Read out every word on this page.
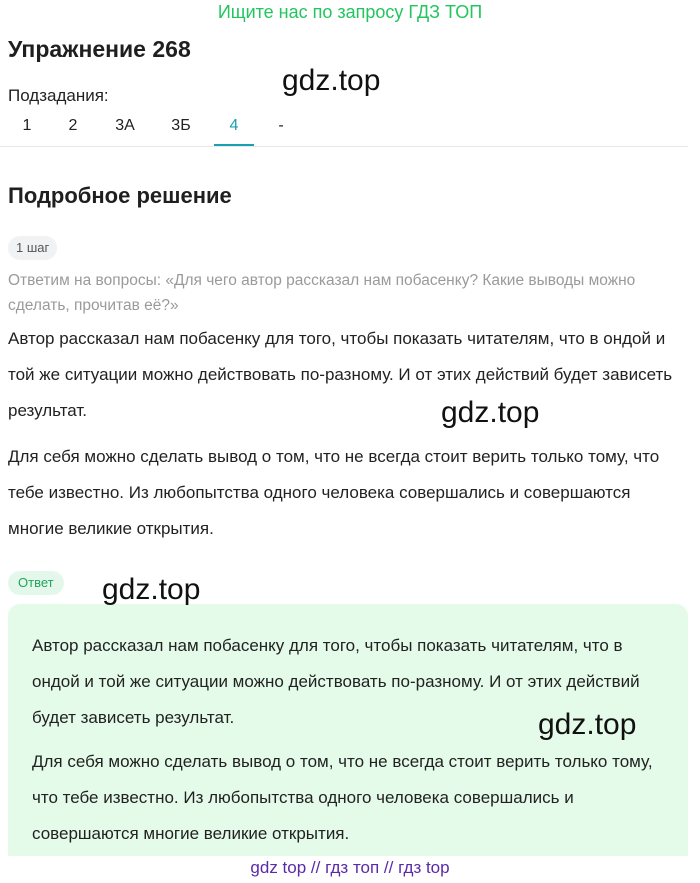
Ищите нас по запросу ГДЗ ТОП
Упражнение 268
Подзадания:
1	2	3А	3Б	4	-
Подробное решение
1 шаг
Ответим на вопросы: «Для чего автор рассказал нам побасенку? Какие выводы можно сделать, прочитав её?»
Автор рассказал нам побасенку для того, чтобы показать читателям, что в ондой и той же ситуации можно действовать по-разному. И от этих действий будет зависеть результат.
Для себя можно сделать вывод о том, что не всегда стоит верить только тому, что тебе известно. Из любопытства одного человека совершались и совершаются многие великие открытия.
Ответ
Автор рассказал нам побасенку для того, чтобы показать читателям, что в ондой и той же ситуации можно действовать по-разному. И от этих действий будет зависеть результат.
Для себя можно сделать вывод о том, что не всегда стоит верить только тому, что тебе известно. Из любопытства одного человека совершались и совершаются многие великие открытия.
gdz.top
gdz.top
gdz.top
gdz.top
gdz top // гдз топ // гдз top
